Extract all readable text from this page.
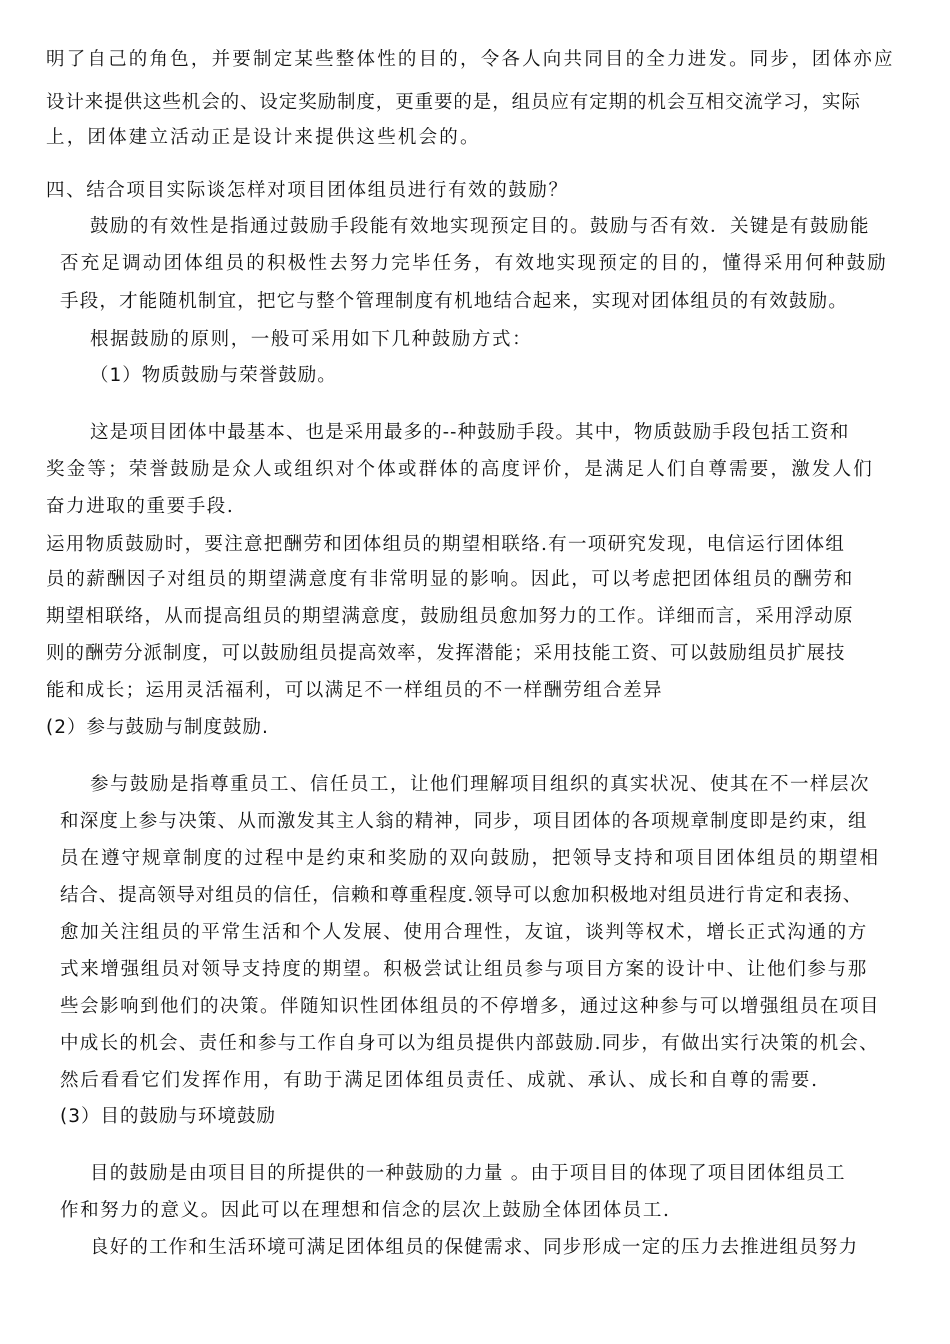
明了自己的角色，并要制定某些整体性的目的，令各人向共同目的全力进发。同步，团体亦应
设计来提供这些机会的、设定奖励制度，更重要的是，组员应有定期的机会互相交流学习，实际
上，团体建立活动正是设计来提供这些机会的。
四、结合项目实际谈怎样对项目团体组员进行有效的鼓励？
鼓励的有效性是指通过鼓励手段能有效地实现预定目的。鼓励与否有效．关键是有鼓励能
否充足调动团体组员的积极性去努力完毕任务，有效地实现预定的目的，懂得采用何种鼓励
手段，才能随机制宜，把它与整个管理制度有机地结合起来，实现对团体组员的有效鼓励。
根据鼓励的原则，一般可采用如下几种鼓励方式：
（1）物质鼓励与荣誉鼓励。
这是项目团体中最基本、也是采用最多的--种鼓励手段。其中，物质鼓励手段包括工资和
奖金等；荣誉鼓励是众人或组织对个体或群体的高度评价，是满足人们自尊需要，激发人们
奋力进取的重要手段.
运用物质鼓励时，要注意把酬劳和团体组员的期望相联络.有一项研究发现，电信运行团体组
员的薪酬因子对组员的期望满意度有非常明显的影响。因此，可以考虑把团体组员的酬劳和
期望相联络，从而提高组员的期望满意度，鼓励组员愈加努力的工作。详细而言，采用浮动原
则的酬劳分派制度，可以鼓励组员提高效率，发挥潜能；采用技能工资、可以鼓励组员扩展技
能和成长；运用灵活福利，可以满足不一样组员的不一样酬劳组合差异
(2）参与鼓励与制度鼓励.
参与鼓励是指尊重员工、信任员工，让他们理解项目组织的真实状况、使其在不一样层次
和深度上参与决策、从而激发其主人翁的精神，同步，项目团体的各项规章制度即是约束，组
员在遵守规章制度的过程中是约束和奖励的双向鼓励，把领导支持和项目团体组员的期望相
结合、提高领导对组员的信任，信赖和尊重程度.领导可以愈加积极地对组员进行肯定和表扬、
愈加关注组员的平常生活和个人发展、使用合理性，友谊，谈判等权术，增长正式沟通的方
式来增强组员对领导支持度的期望。积极尝试让组员参与项目方案的设计中、让他们参与那
些会影响到他们的决策。伴随知识性团体组员的不停增多，通过这种参与可以增强组员在项目
中成长的机会、责任和参与工作自身可以为组员提供内部鼓励.同步，有做出实行决策的机会、
然后看看它们发挥作用，有助于满足团体组员责任、成就、承认、成长和自尊的需要.
(3）目的鼓励与环境鼓励
目的鼓励是由项目目的所提供的一种鼓励的力量 。由于项目目的体现了项目团体组员工
作和努力的意义。因此可以在理想和信念的层次上鼓励全体团体员工.
良好的工作和生活环境可满足团体组员的保健需求、同步形成一定的压力去推进组员努力
